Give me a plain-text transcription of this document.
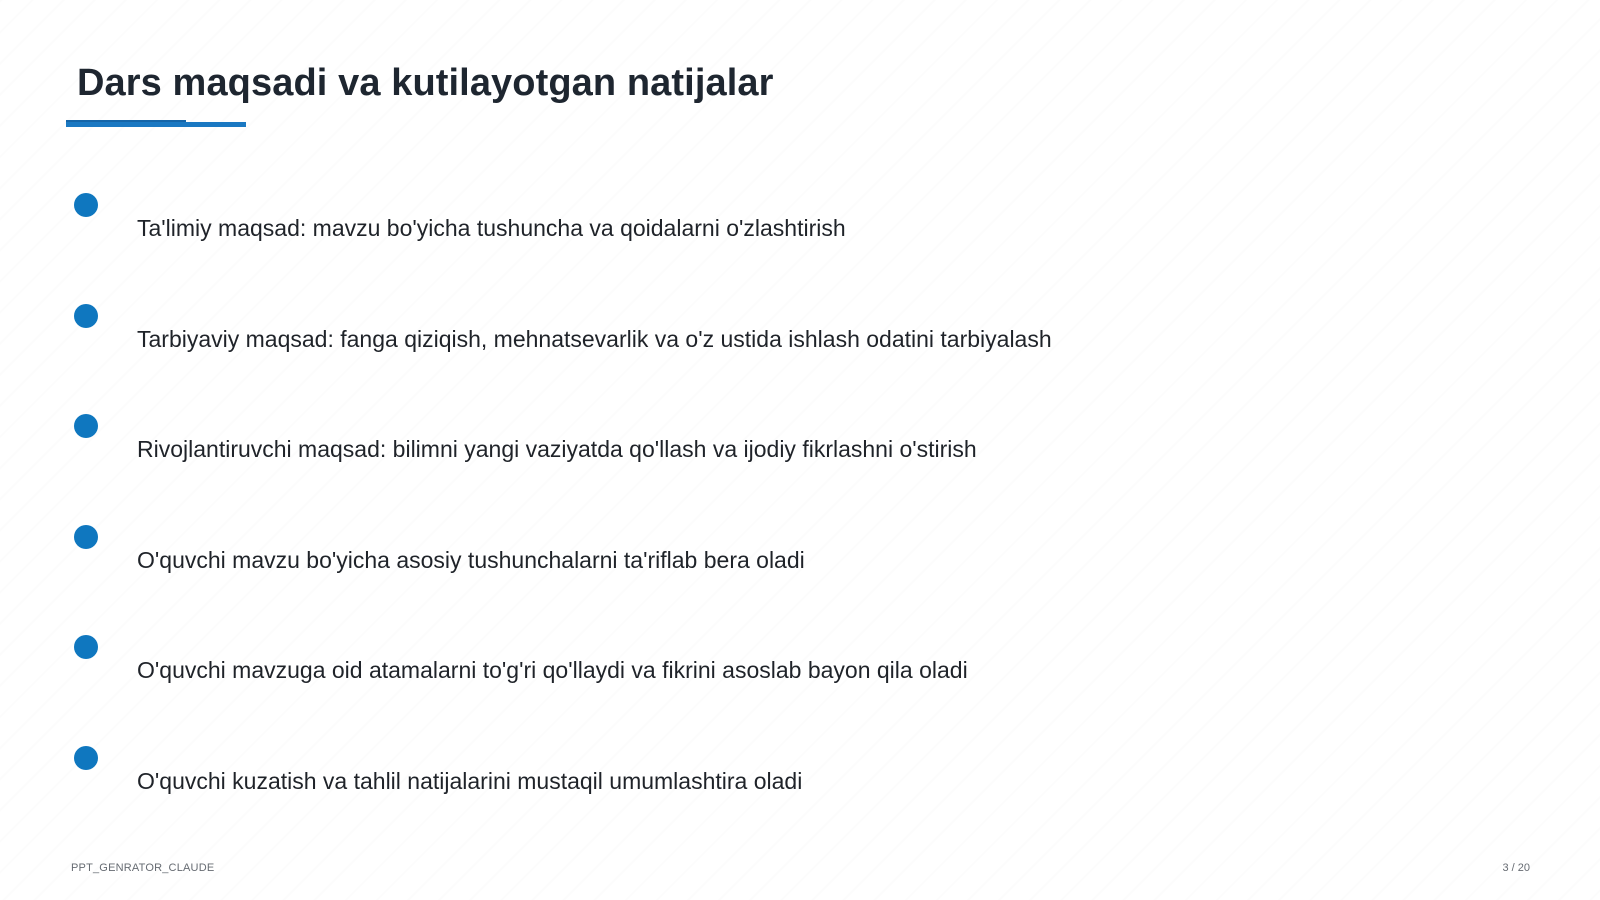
Dars maqsadi va kutilayotgan natijalar
Ta'limiy maqsad: mavzu bo'yicha tushuncha va qoidalarni o'zlashtirish
Tarbiyaviy maqsad: fanga qiziqish, mehnatsevarlik va o'z ustida ishlash odatini tarbiyalash
Rivojlantiruvchi maqsad: bilimni yangi vaziyatda qo'llash va ijodiy fikrlashni o'stirish
O'quvchi mavzu bo'yicha asosiy tushunchalarni ta'riflab bera oladi
O'quvchi mavzuga oid atamalarni to'g'ri qo'llaydi va fikrini asoslab bayon qila oladi
O'quvchi kuzatish va tahlil natijalarini mustaqil umumlashtira oladi
PPT_GENRATOR_CLAUDE	3 / 20
